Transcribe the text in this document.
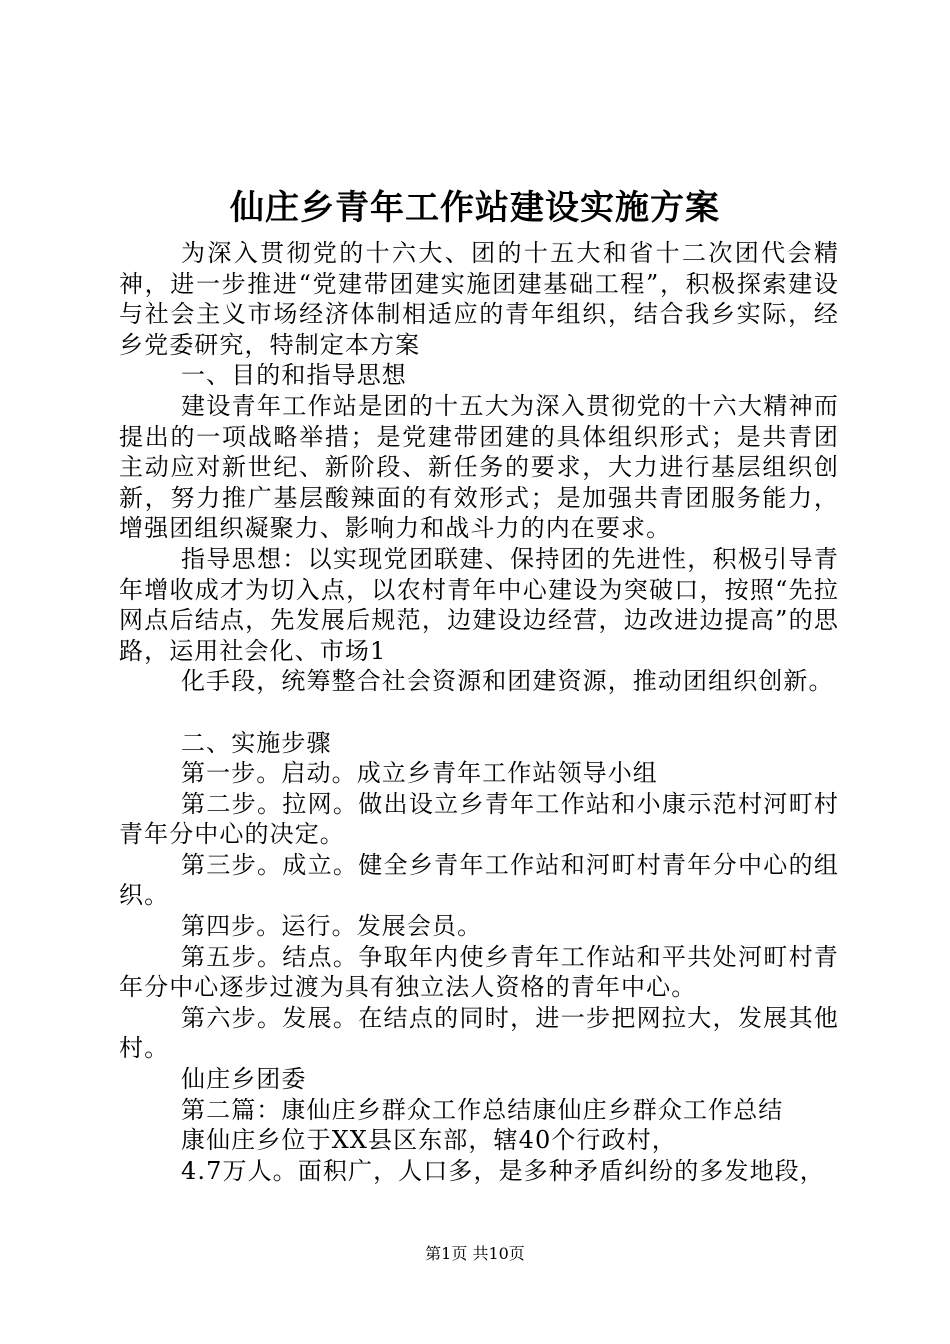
仙庄乡青年工作站建设实施方案

为深入贯彻党的十六大、团的十五大和省十二次团代会精神，进一步推进“党建带团建实施团建基础工程”，积极探索建设与社会主义市场经济体制相适应的青年组织，结合我乡实际，经乡党委研究，特制定本方案

一、目的和指导思想

建设青年工作站是团的十五大为深入贯彻党的十六大精神而提出的一项战略举措；是党建带团建的具体组织形式；是共青团主动应对新世纪、新阶段、新任务的要求，大力进行基层组织创新，努力推广基层酸辣面的有效形式；是加强共青团服务能力，增强团组织凝聚力、影响力和战斗力的内在要求。

指导思想：以实现党团联建、保持团的先进性，积极引导青年增收成才为切入点，以农村青年中心建设为突破口，按照“先拉网点后结点，先发展后规范，边建设边经营，边改进边提高”的思路，运用社会化、市场1

化手段，统筹整合社会资源和团建资源，推动团组织创新。

二、实施步骤

第一步。启动。成立乡青年工作站领导小组

第二步。拉网。做出设立乡青年工作站和小康示范村河町村青年分中心的决定。

第三步。成立。健全乡青年工作站和河町村青年分中心的组织。

第四步。运行。发展会员。

第五步。结点。争取年内使乡青年工作站和平共处河町村青年分中心逐步过渡为具有独立法人资格的青年中心。

第六步。发展。在结点的同时，进一步把网拉大，发展其他村。

仙庄乡团委

第二篇：康仙庄乡群众工作总结康仙庄乡群众工作总结

康仙庄乡位于XX县区东部，辖40个行政村，

4.7万人。面积广，人口多，是多种矛盾纠纷的多发地段，

第1页 共10页
